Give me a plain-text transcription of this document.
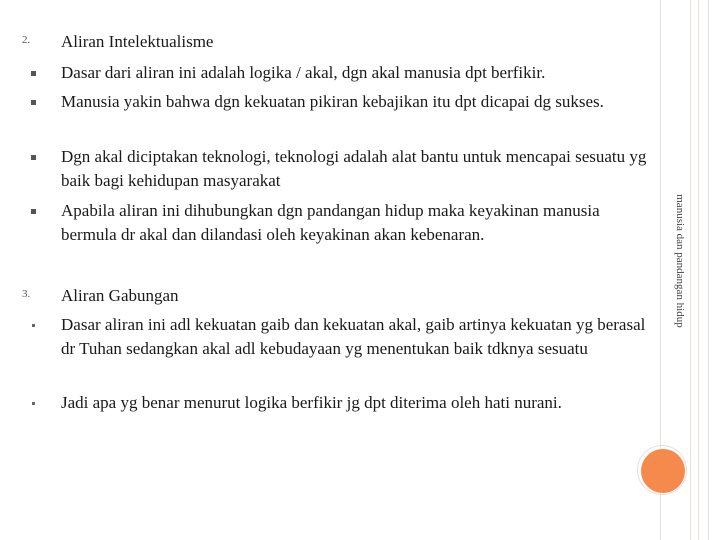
2. Aliran Intelektualisme
Dasar dari aliran ini adalah logika / akal, dgn akal manusia dpt berfikir.
Manusia yakin bahwa dgn kekuatan pikiran kebajikan itu dpt dicapai dg sukses.
Dgn akal diciptakan teknologi, teknologi adalah alat bantu untuk mencapai sesuatu yg baik bagi kehidupan masyarakat
Apabila aliran ini dihubungkan dgn pandangan hidup maka keyakinan manusia bermula dr akal dan dilandasi oleh keyakinan akan kebenaran.
3. Aliran Gabungan
Dasar aliran ini adl kekuatan gaib dan kekuatan akal, gaib artinya kekuatan yg berasal dr Tuhan sedangkan akal adl kebudayaan yg menentukan baik tdknya sesuatu
Jadi apa yg benar menurut logika berfikir jg dpt diterima oleh hati nurani.
manusia dan pandangan hidup
